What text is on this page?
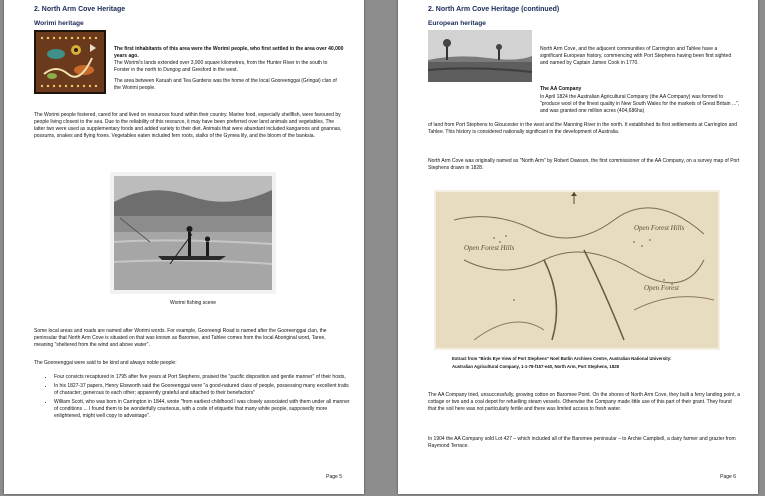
2. North Arm Cove Heritage
Worimi heritage

The first inhabitants of this area were the Worimi people, who first settled in the area over 40,000 years ago.

The Worimi's lands extended over 3,900 square kilometres, from the Hunter River in the south to Forster in the north to Dungog and Gresford in the west.

The area between Karuah and Tea Gardens was the home of the local Gooreenggai (Gringai) clan of the Worimi people.

The Worimi people fostered, cared for and lived on resources found within their country. Marine food, especially shellfish, were favoured by people living closest to the sea. Due to the reliability of this resource, it may have been preferred over land animals and vegetables. The latter two were used as supplementary foods and added variety to their diet. Animals that were abundant included kangaroos and goannas, possums, snakes and flying foxes. Vegetables eaten included fern roots, stalks of the Gymea lily, and the bloom of the banksia.

Worimi fishing scene

Some local areas and roads are named after Worimi words. For example, Gooreengi Road is named after the Gooreenggai clan, the peninsular that North Arm Cove is situated on that was known as Baromee, and Tahlee comes from the local Aboriginal word, Taree, meaning "sheltered from the wind and above water".

The Gooreenggai were said to be kind and always noble people:

• Four convicts recaptured in 1795 after five years at Port Stephens, praised the "pacific disposition and gentle manner" of their hosts,
• In his 1827-37 papers, Henry Ebsworth said the Gooreenggai were "a good-natured class of people, possessing many excellent traits of character; generous to each other; apparently grateful and attached to their benefactors"
• William Scott, who was born in Carrington in 1844, wrote "from earliest childhood I was closely associated with them under all manner of conditions ... I found them to be wonderfully courteous, with a code of etiquette that many white people, supposedly more enlightened, might well copy to advantage".
Page 5
2. North Arm Cove Heritage (continued)
European heritage

North Arm Cove, and the adjacent communities of Carrington and Tahlee have a significant European history, commencing with Port Stephens having been first sighted and named by Captain James Cook in 1770.

The AA Company

In April 1824 the Australian Agricultural Company (the AA Company) was formed to "produce wool of the finest quality in New South Wales for the markets of Great Britain ...", and was granted one million acres (404,686ha)

of land from Port Stephens to Gloucester in the west and the Manning River in the north. It established its first settlements at Carrington and Tahlee. This history is considered nationally significant in the development of Australia.

North Arm Cove was originally named as "North Arm" by Robert Dawson, the first commissioner of the AA Company, on a survey map of Port Stephens drawn in 1828.

Open Forest Hills
Open Forest Hills
Open Forest
Extract from "Birds Eye View of Port Stephens" Noel Butlin Archives Centre, Australian National University:
Australian Agricultural Company, 1-1-78-f157-e40, North Arm, Port Stephens, 1828

The AA Company tried, unsuccessfully, growing cotton on Baromee Point. On the shores of North Arm Cove, they built a ferry landing point, a cottage or two and a coal depot for refuelling steam vessels. Otherwise the Company made little use of this part of their grant. They found that the soil here was not particularly fertile and there was limited access to fresh water.

In 1904 the AA Company sold Lot 427 – which included all of the Baromee peninsular – to Archie Campbell, a dairy farmer and grazier from Raymond Terrace.

Page 6
